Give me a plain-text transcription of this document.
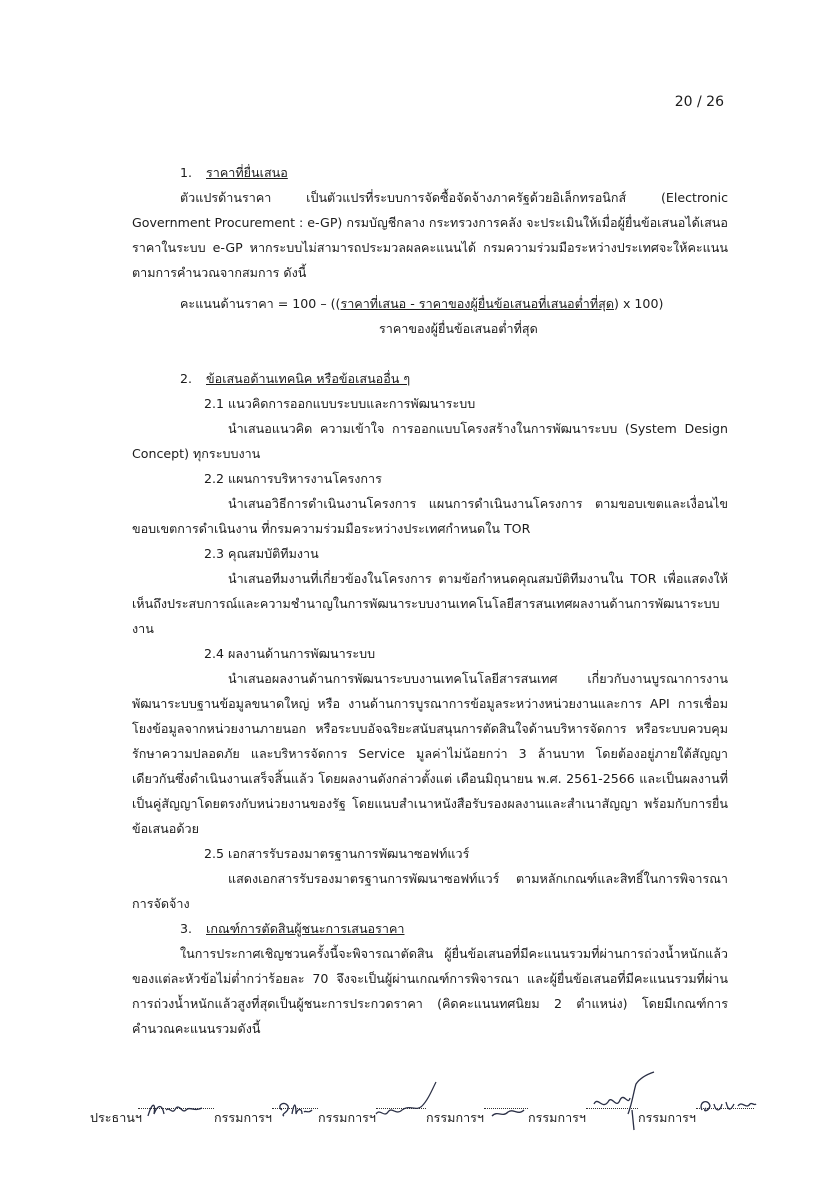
20 / 26

1. ราคาที่ยื่นเสนอ

ตัวแปรด้านราคา เป็นตัวแปรที่ระบบการจัดซื้อจัดจ้างภาครัฐด้วยอิเล็กทรอนิกส์ (Electronic Government Procurement : e-GP) กรมบัญชีกลาง กระทรวงการคลัง จะประเมินให้เมื่อผู้ยื่นข้อเสนอได้เสนอราคาในระบบ e-GP หากระบบไม่สามารถประมวลผลคะแนนได้ กรมความร่วมมือระหว่างประเทศจะให้คะแนนตามการคำนวณจากสมการ ดังนี้

คะแนนด้านราคา = 100 – ((ราคาที่เสนอ - ราคาของผู้ยื่นข้อเสนอที่เสนอต่ำที่สุด) x 100)
ราคาของผู้ยื่นข้อเสนอต่ำที่สุด

2. ข้อเสนอด้านเทคนิค หรือข้อเสนออื่น ๆ

2.1 แนวคิดการออกแบบระบบและการพัฒนาระบบ

นำเสนอแนวคิด ความเข้าใจ การออกแบบโครงสร้างในการพัฒนาระบบ (System Design Concept) ทุกระบบงาน

2.2 แผนการบริหารงานโครงการ

นำเสนอวิธีการดำเนินงานโครงการ แผนการดำเนินงานโครงการ ตามขอบเขตและเงื่อนไขขอบเขตการดำเนินงาน ที่กรมความร่วมมือระหว่างประเทศกำหนดใน TOR

2.3 คุณสมบัติทีมงาน

นำเสนอทีมงานที่เกี่ยวข้องในโครงการ ตามข้อกำหนดคุณสมบัติทีมงานใน TOR เพื่อแสดงให้เห็นถึงประสบการณ์และความชำนาญในการพัฒนาระบบงานเทคโนโลยีสารสนเทศผลงานด้านการพัฒนาระบบงาน

2.4 ผลงานด้านการพัฒนาระบบ

นำเสนอผลงานด้านการพัฒนาระบบงานเทคโนโลยีสารสนเทศ เกี่ยวกับงานบูรณาการงานพัฒนาระบบฐานข้อมูลขนาดใหญ่ หรือ งานด้านการบูรณาการข้อมูลระหว่างหน่วยงานและการ API การเชื่อมโยงข้อมูลจากหน่วยงานภายนอก หรือระบบอัจฉริยะสนับสนุนการตัดสินใจด้านบริหารจัดการ หรือระบบควบคุมรักษาความปลอดภัย และบริหารจัดการ Service มูลค่าไม่น้อยกว่า 3 ล้านบาท โดยต้องอยู่ภายใต้สัญญาเดียวกันซึ่งดำเนินงานเสร็จสิ้นแล้ว โดยผลงานดังกล่าวตั้งแต่ เดือนมิถุนายน พ.ศ. 2561-2566 และเป็นผลงานที่เป็นคู่สัญญาโดยตรงกับหน่วยงานของรัฐ โดยแนบสำเนาหนังสือรับรองผลงานและสำเนาสัญญา พร้อมกับการยื่นข้อเสนอด้วย

2.5 เอกสารรับรองมาตรฐานการพัฒนาซอฟท์แวร์

แสดงเอกสารรับรองมาตรฐานการพัฒนาซอฟท์แวร์ ตามหลักเกณฑ์และสิทธิ์ในการพิจารณาการจัดจ้าง

3. เกณฑ์การตัดสินผู้ชนะการเสนอราคา

ในการประกาศเชิญชวนครั้งนี้จะพิจารณาตัดสิน ผู้ยื่นข้อเสนอที่มีคะแนนรวมที่ผ่านการถ่วงน้ำหนักแล้วของแต่ละหัวข้อไม่ต่ำกว่าร้อยละ 70 จึงจะเป็นผู้ผ่านเกณฑ์การพิจารณา และผู้ยื่นข้อเสนอที่มีคะแนนรวมที่ผ่านการถ่วงน้ำหนักแล้วสูงที่สุดเป็นผู้ชนะการประกวดราคา (คิดคะแนนทศนิยม 2 ตำแหน่ง) โดยมีเกณฑ์การคำนวณคะแนนรวมดังนี้

ประธานฯ	กรรมการฯ	กรรมการฯ	กรรมการฯ	กรรมการฯ	กรรมการฯ
